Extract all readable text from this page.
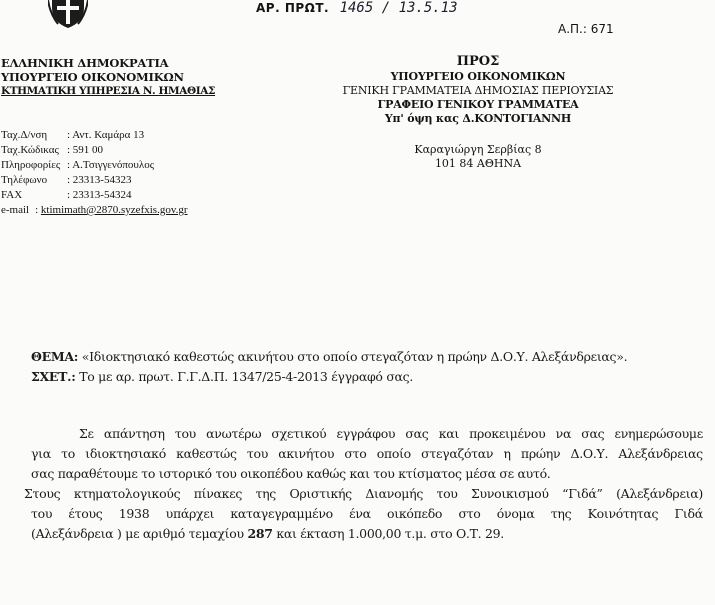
ΑΡ. ΠΡΩΤ. 1465 / 13.5.13
Α.Π.: 671
ΕΛΛΗΝΙΚΗ ΔΗΜΟΚΡΑΤΙΑ
ΥΠΟΥΡΓΕΙΟ ΟΙΚΟΝΟΜΙΚΩΝ
ΚΤΗΜΑΤΙΚΗ ΥΠΗΡΕΣΙΑ Ν. ΗΜΑΘΙΑΣ
Ταχ.Δ/νση	: Αντ. Καμάρα 13
Ταχ.Κώδικας : 591 00
Πληροφορίες : Α.Τσιγγενόπουλος
Τηλέφωνο	: 23313-54323
FAX	: 23313-54324
e-mail : ktimimath@2870.syzefxis.gov.gr
ΠΡΟΣ
ΥΠΟΥΡΓΕΙΟ ΟΙΚΟΝΟΜΙΚΩΝ
ΓΕΝΙΚΗ ΓΡΑΜΜΑΤΕΙΑ ΔΗΜΟΣΙΑΣ ΠΕΡΙΟΥΣΙΑΣ
ΓΡΑΦΕΙΟ ΓΕΝΙΚΟΥ ΓΡΑΜΜΑΤΕΑ
Υπ' όψη κας Δ.ΚΟΝΤΟΓΙΑΝΝΗ
Καραγιώργη Σερβίας 8
101 84 ΑΘΗΝΑ
ΘΕΜΑ: «Ιδιοκτησιακό καθεστώς ακινήτου στο οποίο στεγαζόταν η πρώην Δ.Ο.Υ. Αλεξάνδρειας».
ΣΧΕΤ.: Το με αρ. πρωτ. Γ.Γ.Δ.Π. 1347/25-4-2013 έγγραφό σας.
Σε απάντηση του ανωτέρω σχετικού εγγράφου σας και προκειμένου να σας ενημερώσουμε
για το ιδιοκτησιακό καθεστώς του ακινήτου στο οποίο στεγαζόταν η πρώην Δ.Ο.Υ. Αλεξάνδρειας
σας παραθέτουμε το ιστορικό του οικοπέδου καθώς και του κτίσματος μέσα σε αυτό.
Στους κτηματολογικούς πίνακες της Οριστικής Διανομής του Συνοικισμού “Γιδά” (Αλεξάνδρεια)
του έτους 1938 υπάρχει καταγεγραμμένο ένα οικόπεδο στο όνομα της Κοινότητας Γιδά
(Αλεξάνδρεια ) με αριθμό τεμαχίου 287 και έκταση 1.000,00 τ.μ. στο Ο.Τ. 29.
